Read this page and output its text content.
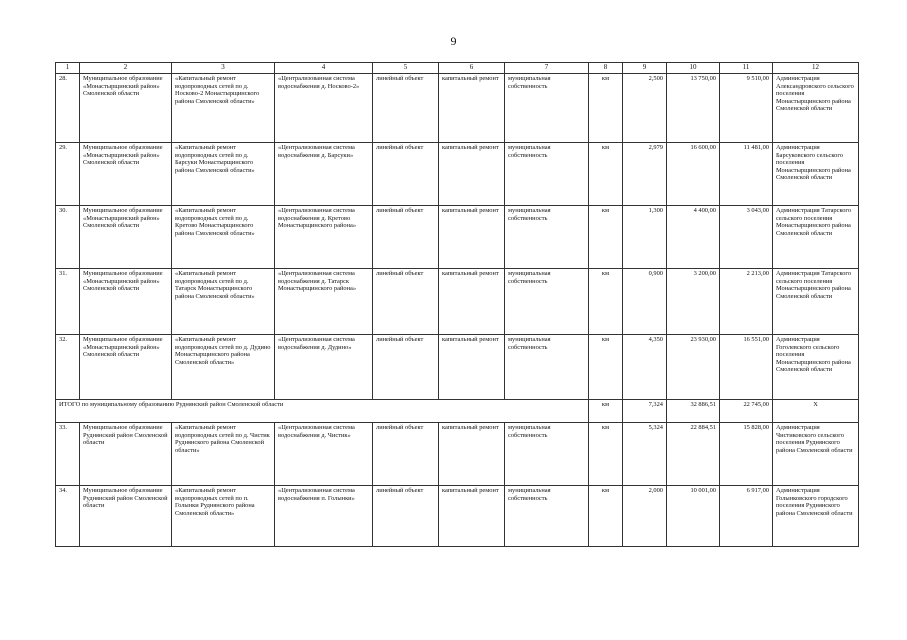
9
1	2	3	4	5	6	7	8	9	10	11	12
28.	Муниципальное образование «Монастырщинский район» Смоленской области	«Капитальный ремонт водопроводных сетей по д. Носково-2 Монастырщинского района Смоленской области»	«Централизованная система водоснабжения д. Носково-2»	линейный объект	капитальный ремонт	муниципальная собственность	км	2,500	13 750,00	9 510,00	Администрация Александровского сельского поселения Монастырщинского района Смоленской области
29.	Муниципальное образование «Монастырщинский район» Смоленской области	«Капитальный ремонт водопроводных сетей по д. Барсуки Монастырщинского района Смоленской области»	«Централизованная система водоснабжения д. Барсуки»	линейный объект	капитальный ремонт	муниципальная собственность	км	2,979	16 600,00	11 481,00	Администрация Барсуковского сельского поселения Монастырщинского района Смоленской области
30.	Муниципальное образование «Монастырщинский район» Смоленской области	«Капитальный ремонт водопроводных сетей по д. Кретово Монастырщинского района Смоленской области»	«Централизованная система водоснабжения д. Кретово Монастырщинского района»	линейный объект	капитальный ремонт	муниципальная собственность	км	1,300	4 400,00	3 043,00	Администрация Татарского сельского поселения Монастырщинского района Смоленской области
31.	Муниципальное образование «Монастырщинский район» Смоленской области	«Капитальный ремонт водопроводных сетей по д. Татарск Монастырщинского района Смоленской области»	«Централизованная система водоснабжения д. Татарск Монастырщинского района»	линейный объект	капитальный ремонт	муниципальная собственность	км	0,900	3 200,00	2 213,00	Администрация Татарского сельского поселения Монастырщинского района Смоленской области
32.	Муниципальное образование «Монастырщинский район» Смоленской области	«Капитальный ремонт водопроводных сетей по д. Дудино Монастырщинского района Смоленской области»	«Централизованная система водоснабжения д. Дудино»	линейный объект	капитальный ремонт	муниципальная собственность	км	4,350	23 930,00	16 551,00	Администрация Гоголевского сельского поселения Монастырщинского района Смоленской области
ИТОГО по муниципальному образованию Руднянский район Смоленской области							км	7,324	32 886,51	22 745,00	X
33.	Муниципальное образование Руднянский район Смоленской области	«Капитальный ремонт водопроводных сетей по д. Чистик Руднянского района Смоленской области»	«Централизованная система водоснабжения д. Чистик»	линейный объект	капитальный ремонт	муниципальная собственность	км	5,324	22 884,51	15 828,00	Администрация Чистиковского сельского поселения Руднянского района Смоленской области
34.	Муниципальное образование Руднянский район Смоленской области	«Капитальный ремонт водопроводных сетей по п. Голынки Руднянского района Смоленской области»	«Централизованная система водоснабжения п. Голынки»	линейный объект	капитальный ремонт	муниципальная собственность	км	2,000	10 001,00	6 917,00	Администрация Голынковского городского поселения Руднянского района Смоленской области
